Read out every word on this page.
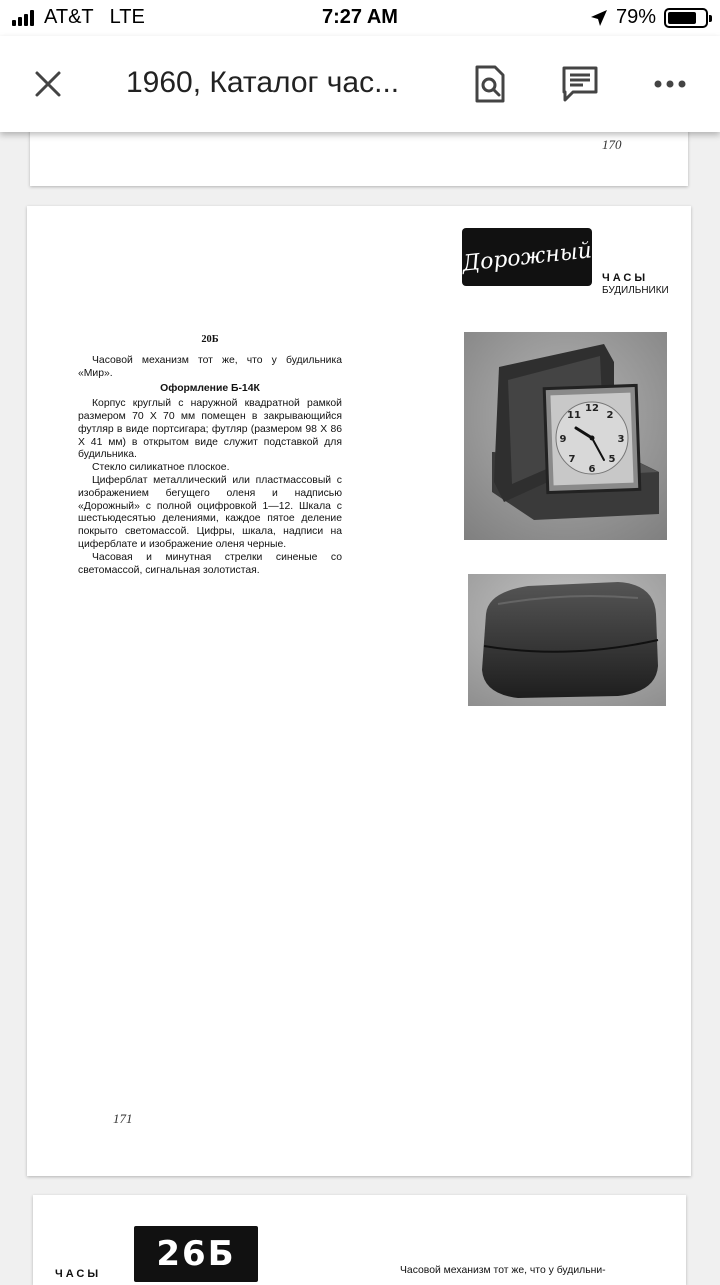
AT&T LTE	7:27 AM	79%
1960, Каталог час...
170
Дорожный
ЧАСЫ
БУДИЛЬНИКИ

20Б

Часовой механизм тот же, что у будильника «Мир».

Оформление Б-14К

Корпус круглый с наружной квадратной рамкой размером 70 X 70 мм помещен в закрывающийся футляр в виде портсигара; футляр (размером 98 X 86 X 41 мм) в открытом виде служит подставкой для будильника.

Стекло силикатное плоское.

Циферблат металлический или пластмассовый с изображением бегущего оленя и надписью «Дорожный» с полной оцифровкой 1—12. Шкала с шестьюдесятью делениями, каждое пятое деление покрыто светомассой. Цифры, шкала, надписи на циферблате и изображение оленя черные.

Часовая и минутная стрелки синеные со светомассой, сигнальная золотистая.

12
3
6
9
2
11
5
7
171
ЧАСЫ 26Б	Часовой механизм тот же, что у будильни-
